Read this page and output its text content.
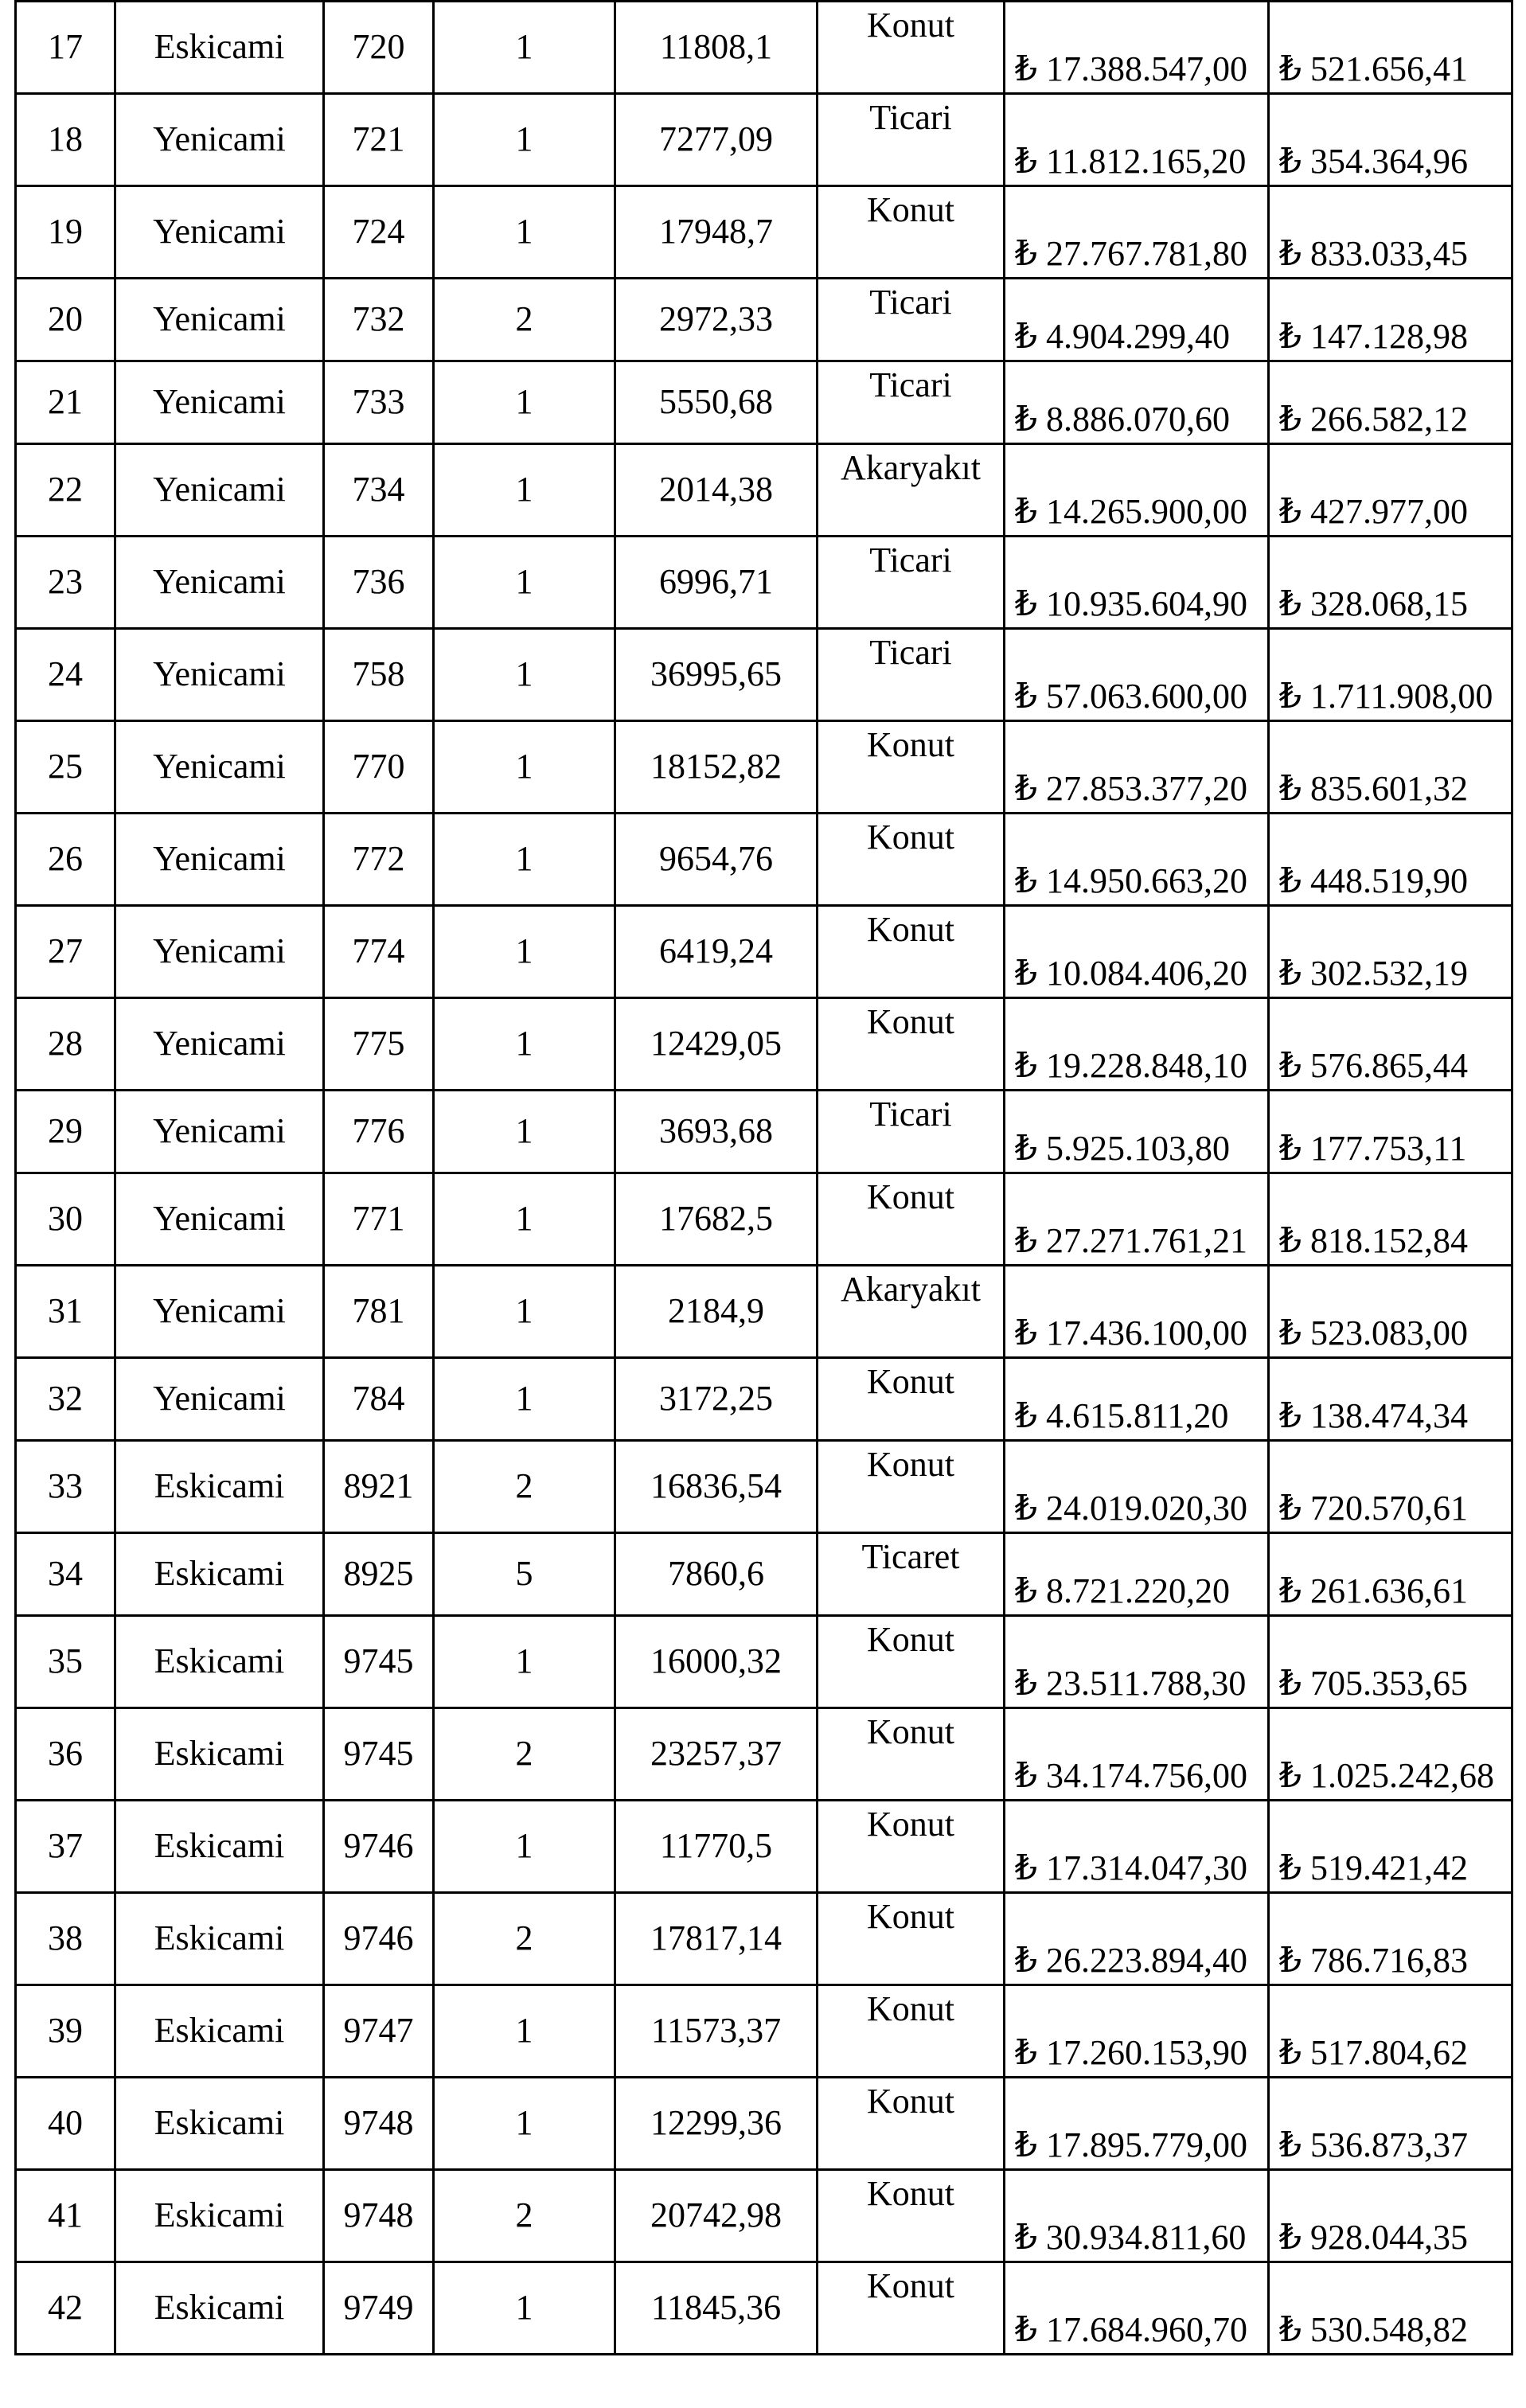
17	Eskicami	720	1	11808,1	Konut	₺ 17.388.547,00	₺ 521.656,41

18	Yenicami	721	1	7277,09	Ticari	₺ 11.812.165,20	₺ 354.364,96

19	Yenicami	724	1	17948,7	Konut	₺ 27.767.781,80	₺ 833.033,45

20	Yenicami	732	2	2972,33	Ticari	₺ 4.904.299,40	₺ 147.128,98

21	Yenicami	733	1	5550,68	Ticari	₺ 8.886.070,60	₺ 266.582,12

22	Yenicami	734	1	2014,38	Akaryakıt	₺ 14.265.900,00	₺ 427.977,00

23	Yenicami	736	1	6996,71	Ticari	₺ 10.935.604,90	₺ 328.068,15

24	Yenicami	758	1	36995,65	Ticari	₺ 57.063.600,00	₺ 1.711.908,00

25	Yenicami	770	1	18152,82	Konut	₺ 27.853.377,20	₺ 835.601,32

26	Yenicami	772	1	9654,76	Konut	₺ 14.950.663,20	₺ 448.519,90

27	Yenicami	774	1	6419,24	Konut	₺ 10.084.406,20	₺ 302.532,19

28	Yenicami	775	1	12429,05	Konut	₺ 19.228.848,10	₺ 576.865,44

29	Yenicami	776	1	3693,68	Ticari	₺ 5.925.103,80	₺ 177.753,11

30	Yenicami	771	1	17682,5	Konut	₺ 27.271.761,21	₺ 818.152,84

31	Yenicami	781	1	2184,9	Akaryakıt	₺ 17.436.100,00	₺ 523.083,00

32	Yenicami	784	1	3172,25	Konut	₺ 4.615.811,20	₺ 138.474,34

33	Eskicami	8921	2	16836,54	Konut	₺ 24.019.020,30	₺ 720.570,61

34	Eskicami	8925	5	7860,6	Ticaret	₺ 8.721.220,20	₺ 261.636,61

35	Eskicami	9745	1	16000,32	Konut	₺ 23.511.788,30	₺ 705.353,65

36	Eskicami	9745	2	23257,37	Konut	₺ 34.174.756,00	₺ 1.025.242,68

37	Eskicami	9746	1	11770,5	Konut	₺ 17.314.047,30	₺ 519.421,42

38	Eskicami	9746	2	17817,14	Konut	₺ 26.223.894,40	₺ 786.716,83

39	Eskicami	9747	1	11573,37	Konut	₺ 17.260.153,90	₺ 517.804,62

40	Eskicami	9748	1	12299,36	Konut	₺ 17.895.779,00	₺ 536.873,37

41	Eskicami	9748	2	20742,98	Konut	₺ 30.934.811,60	₺ 928.044,35

42	Eskicami	9749	1	11845,36	Konut	₺ 17.684.960,70	₺ 530.548,82
